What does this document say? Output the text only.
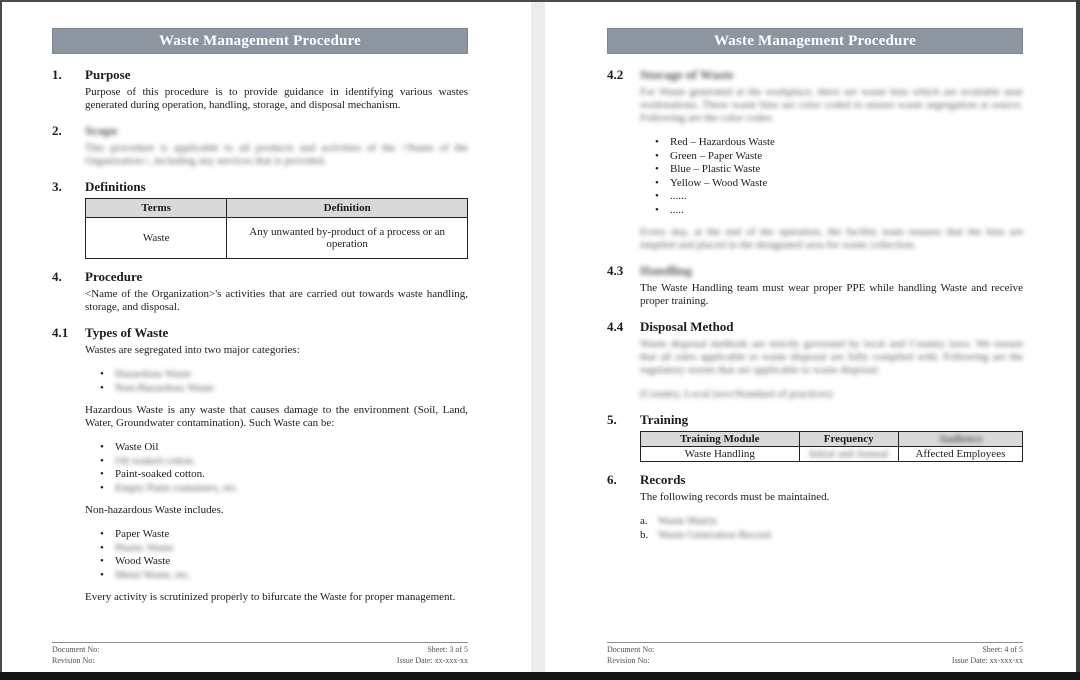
Waste Management Procedure
1.	Purpose

Purpose of this procedure is to provide guidance in identifying various wastes generated during operation, handling, storage, and disposal mechanism.

2.	Scope

This procedure is applicable to all products and activities of the <Name of the Organization>, including any services that is provided.

3.	Definitions
Terms	Definition
Waste	Any unwanted by-product of a process or an operation
4.	Procedure

<Name of the Organization>'s activities that are carried out towards waste handling, storage, and disposal.

4.1	Types of Waste

Wastes are segregated into two major categories:

• Hazardous Waste
• Non-Hazardous Waste

Hazardous Waste is any waste that causes damage to the environment (Soil, Land, Water, Groundwater contamination). Such Waste can be:

• Waste Oil
• Oil soaked cotton.
• Paint-soaked cotton.
• Empty Paint containers, etc.

Non-hazardous Waste includes.

• Paper Waste
• Plastic Waste
• Wood Waste
• Metal Waste, etc.

Every activity is scrutinized properly to bifurcate the Waste for proper management.

Document No:
Revision No:
Sheet: 3 of 5
Issue Date: xx-xxx-xx
Waste Management Procedure
4.2	Storage of Waste

For Waste generated at the workplace, there are waste bins which are available near workstations. These waste bins are color coded to ensure waste segregation at source. Following are the color codes:

• Red – Hazardous Waste
• Green – Paper Waste
• Blue – Plastic Waste
• Yellow – Wood Waste
• ......
• .....

Every day, at the end of the operation, the facility team ensures that the bins are emptied and placed in the designated area for waste collection.

4.3	Handling

The Waste Handling team must wear proper PPE while handling Waste and receive proper training.

4.4	Disposal Method

Waste disposal methods are strictly governed by local and Country laws. We ensure that all rules applicable to waste disposal are fully complied with. Following are the regulatory norms that are applicable to waste disposal:

(Country, Local laws/Standard of practices)

5.	Training
Training Module	Frequency	Audience
Waste Handling	Initial and Annual	Affected Employees
6.	Records

The following records must be maintained.

a. Waste Matrix
b. Waste Generation Record
Document No:
Revision No:
Sheet: 4 of 5
Issue Date: xx-xxx-xx
